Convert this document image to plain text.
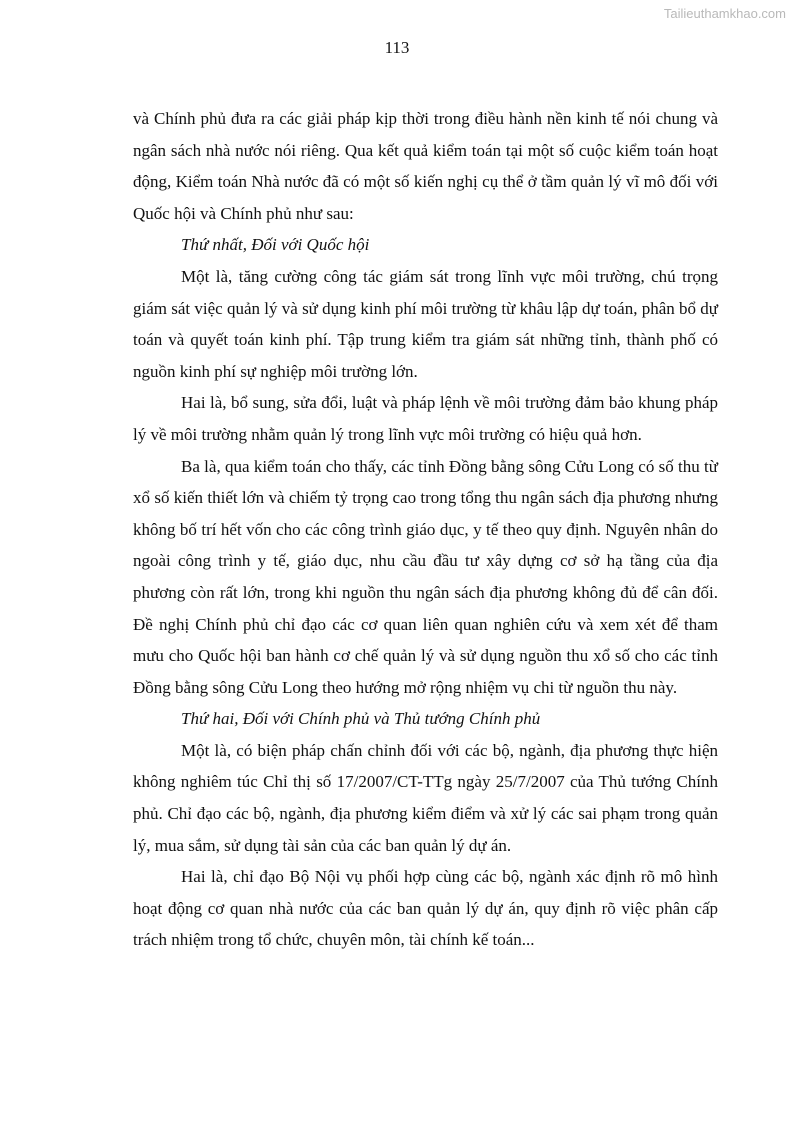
Tailieuthamkhao.com
113

và Chính phủ đưa ra các giải pháp kịp thời trong điều hành nền kinh tế nói chung và ngân sách nhà nước nói riêng. Qua kết quả kiểm toán tại một số cuộc kiểm toán hoạt động, Kiểm toán Nhà nước đã có một số kiến nghị cụ thể ở tầm quản lý vĩ mô đối với Quốc hội và Chính phủ như sau:

Thứ nhất, Đối với Quốc hội

Một là, tăng cường công tác giám sát trong lĩnh vực môi trường, chú trọng giám sát việc quản lý và sử dụng kinh phí môi trường từ khâu lập dự toán, phân bổ dự toán và quyết toán kinh phí. Tập trung kiểm tra giám sát những tỉnh, thành phố có nguồn kinh phí sự nghiệp môi trường lớn.

Hai là, bổ sung, sửa đổi, luật và pháp lệnh về môi trường đảm bảo khung pháp lý về môi trường nhằm quản lý trong lĩnh vực môi trường có hiệu quả hơn.

Ba là, qua kiểm toán cho thấy, các tỉnh Đồng bằng sông Cửu Long có số thu từ xổ số kiến thiết lớn và chiếm tỷ trọng cao trong tổng thu ngân sách địa phương nhưng không bố trí hết vốn cho các công trình giáo dục, y tế theo quy định. Nguyên nhân do ngoài công trình y tế, giáo dục, nhu cầu đầu tư xây dựng cơ sở hạ tầng của địa phương còn rất lớn, trong khi nguồn thu ngân sách địa phương không đủ để cân đối. Đề nghị Chính phủ chỉ đạo các cơ quan liên quan nghiên cứu và xem xét để tham mưu cho Quốc hội ban hành cơ chế quản lý và sử dụng nguồn thu xổ số cho các tỉnh Đồng bằng sông Cửu Long theo hướng mở rộng nhiệm vụ chi từ nguồn thu này.

Thứ hai, Đối với Chính phủ và Thủ tướng Chính phủ

Một là, có biện pháp chấn chỉnh đối với các bộ, ngành, địa phương thực hiện không nghiêm túc Chỉ thị số 17/2007/CT-TTg ngày 25/7/2007 của Thủ tướng Chính phủ. Chỉ đạo các bộ, ngành, địa phương kiểm điểm và xử lý các sai phạm trong quản lý, mua sắm, sử dụng tài sản của các ban quản lý dự án.

Hai là, chỉ đạo Bộ Nội vụ phối hợp cùng các bộ, ngành xác định rõ mô hình hoạt động cơ quan nhà nước của các ban quản lý dự án, quy định rõ việc phân cấp trách nhiệm trong tổ chức, chuyên môn, tài chính kế toán...
